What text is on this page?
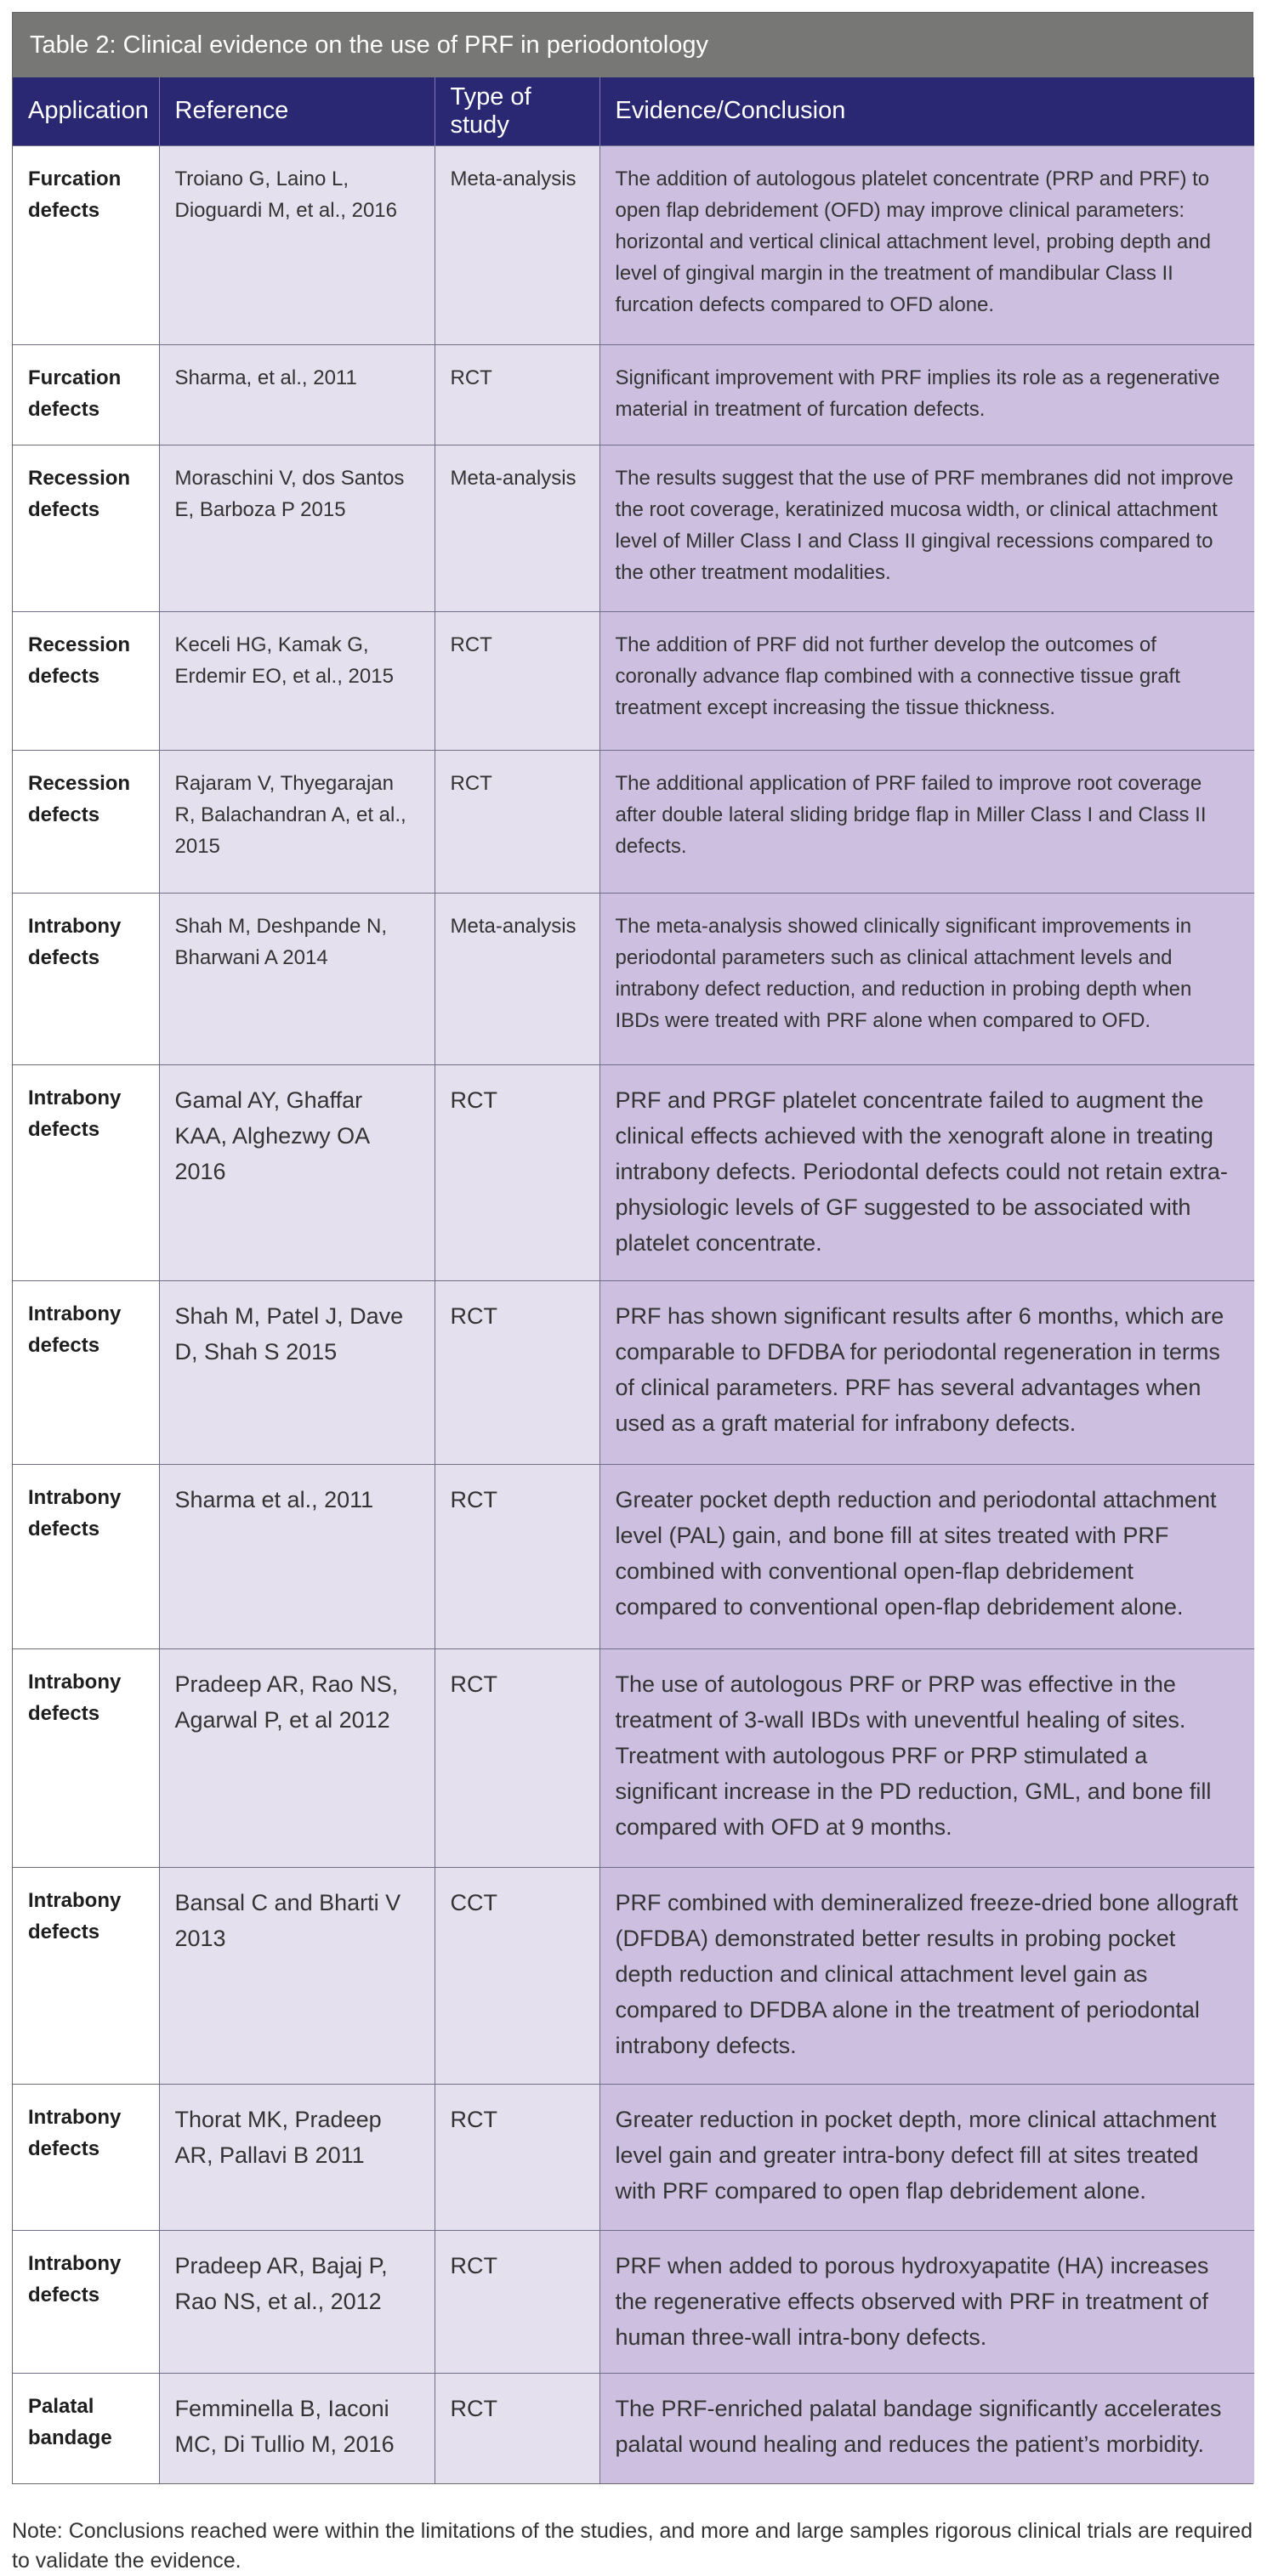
Table 2: Clinical evidence on the use of PRF in periodontology
Application	Reference	Type of study	Evidence/Conclusion
Furcation defects	Troiano G, Laino L, Dioguardi M, et al., 2016	Meta-analysis	The addition of autologous platelet concentrate (PRP and PRF) to open flap debridement (OFD) may improve clinical parameters: horizontal and vertical clinical attachment level, probing depth and level of gingival margin in the treatment of mandibular Class II furcation defects compared to OFD alone.
Furcation defects	Sharma, et al., 2011	RCT	Significant improvement with PRF implies its role as a regenerative material in treatment of furcation defects.
Recession defects	Moraschini V, dos Santos E, Barboza P 2015	Meta-analysis	The results suggest that the use of PRF membranes did not improve the root coverage, keratinized mucosa width, or clinical attachment level of Miller Class I and Class II gingival recessions compared to the other treatment modalities.
Recession defects	Keceli HG, Kamak G, Erdemir EO, et al., 2015	RCT	The addition of PRF did not further develop the outcomes of coronally advance flap combined with a connective tissue graft treatment except increasing the tissue thickness.
Recession defects	Rajaram V, Thyegarajan R, Balachandran A, et al., 2015	RCT	The additional application of PRF failed to improve root coverage after double lateral sliding bridge flap in Miller Class I and Class II defects.
Intrabony defects	Shah M, Deshpande N, Bharwani A 2014	Meta-analysis	The meta-analysis showed clinically significant improvements in periodontal parameters such as clinical attachment levels and intrabony defect reduction, and reduction in probing depth when IBDs were treated with PRF alone when compared to OFD.
Intrabony defects	Gamal AY, Ghaffar KAA, Alghezwy OA 2016	RCT	PRF and PRGF platelet concentrate failed to augment the clinical effects achieved with the xenograft alone in treating intrabony defects. Periodontal defects could not retain extra-physiologic levels of GF suggested to be associated with platelet concentrate.
Intrabony defects	Shah M, Patel J, Dave D, Shah S 2015	RCT	PRF has shown significant results after 6 months, which are comparable to DFDBA for periodontal regeneration in terms of clinical parameters. PRF has several advantages when used as a graft material for infrabony defects.
Intrabony defects	Sharma et al., 2011	RCT	Greater pocket depth reduction and periodontal attachment level (PAL) gain, and bone fill at sites treated with PRF combined with conventional open-flap debridement compared to conventional open-flap debridement alone.
Intrabony defects	Pradeep AR, Rao NS, Agarwal P, et al 2012	RCT	The use of autologous PRF or PRP was effective in the treatment of 3-wall IBDs with uneventful healing of sites. Treatment with autologous PRF or PRP stimulated a significant increase in the PD reduction, GML, and bone fill compared with OFD at 9 months.
Intrabony defects	Bansal C and Bharti V 2013	CCT	PRF combined with demineralized freeze-dried bone allograft (DFDBA) demonstrated better results in probing pocket depth reduction and clinical attachment level gain as compared to DFDBA alone in the treatment of periodontal intrabony defects.
Intrabony defects	Thorat MK, Pradeep AR, Pallavi B 2011	RCT	Greater reduction in pocket depth, more clinical attachment level gain and greater intra-bony defect fill at sites treated with PRF compared to open flap debridement alone.
Intrabony defects	Pradeep AR, Bajaj P, Rao NS, et al., 2012	RCT	PRF when added to porous hydroxyapatite (HA) increases the regenerative effects observed with PRF in treatment of human three-wall intra-bony defects.
Palatal bandage	Femminella B, Iaconi MC, Di Tullio M, 2016	RCT	The PRF-enriched palatal bandage significantly accelerates palatal wound healing and reduces the patient’s morbidity.
Note: Conclusions reached were within the limitations of the studies, and more and large samples rigorous clinical trials are required to validate the evidence.
